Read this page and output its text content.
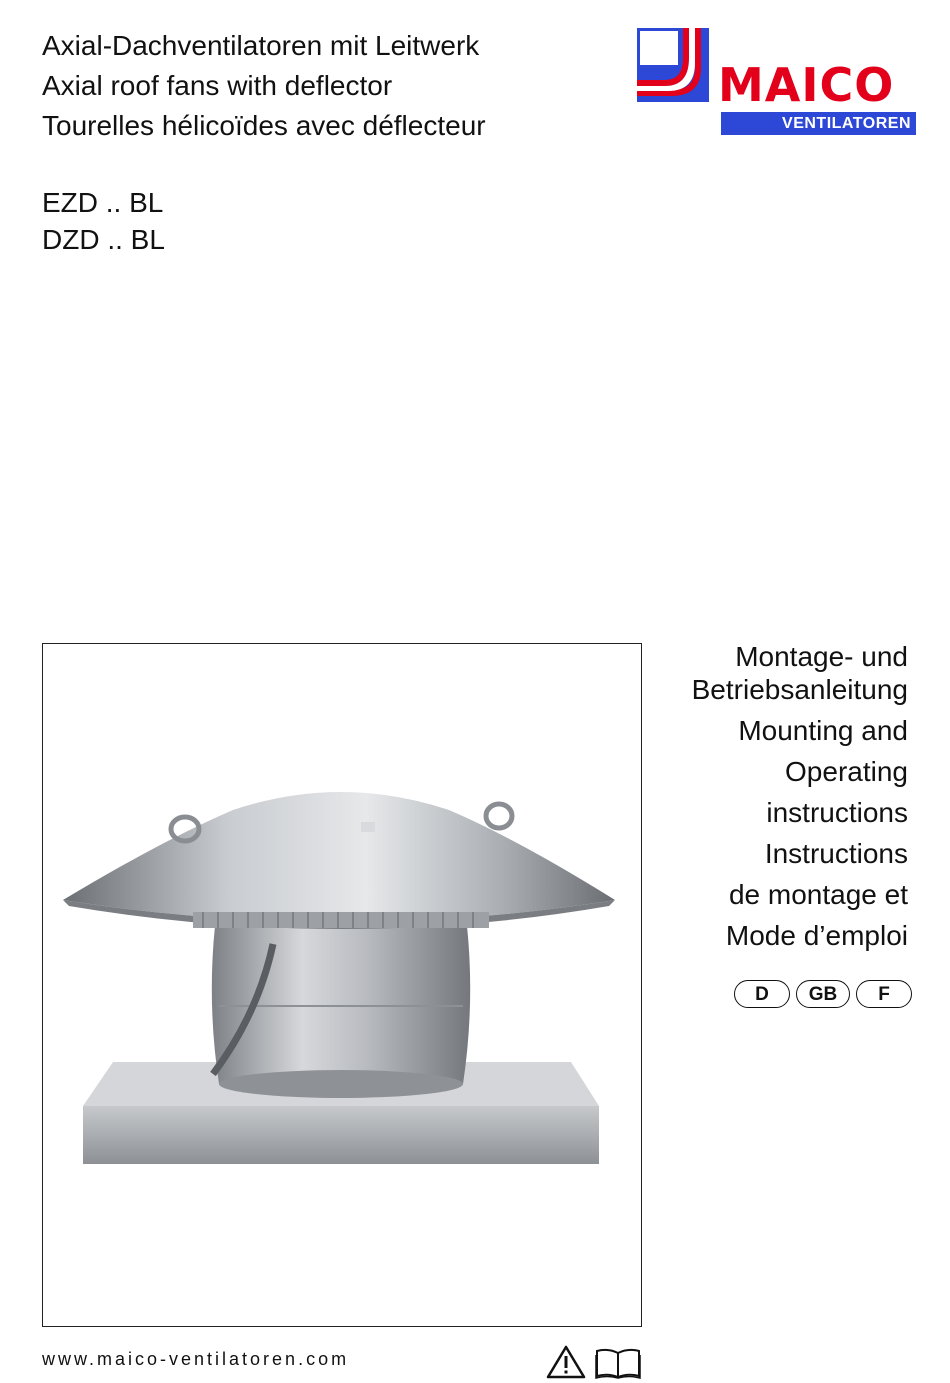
Axial-Dachventilatoren mit Leitwerk
Axial roof fans with deflector
Tourelles hélicoïdes avec déflecteur
EZD .. BL
DZD .. BL
MAICO
VENTILATOREN
Montage- und
Betriebsanleitung
Mounting and
Operating
instructions
Instructions
de montage et
Mode d’emploi
D	GB	F
www.maico-ventilatoren.com
